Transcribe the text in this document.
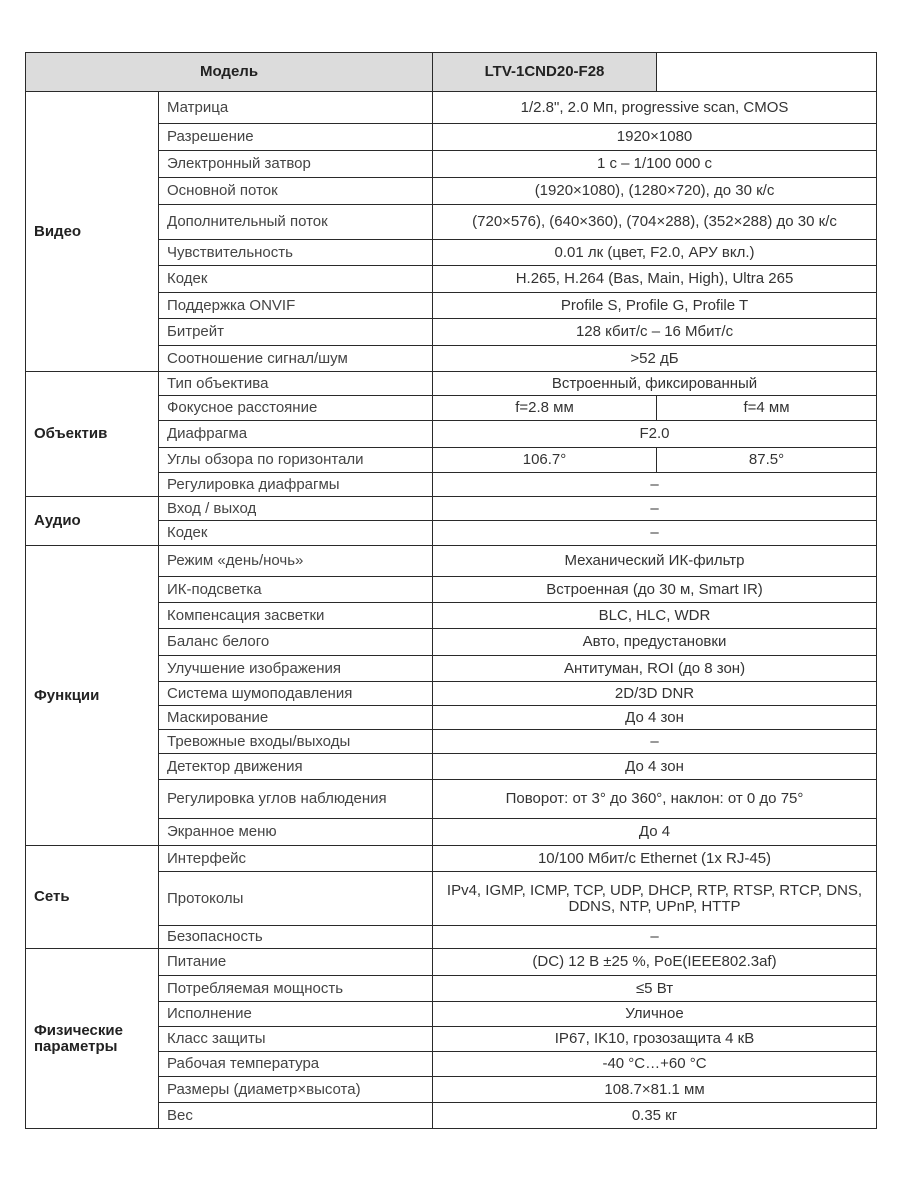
Модель		LTV-1CND20-F28	
Видео	Матрица	1/2.8", 2.0 Мп, progressive scan, CMOS	
	Разрешение	1920×1080	
	Электронный затвор	1 с – 1/100 000 с	
	Основной поток	(1920×1080), (1280×720), до 30 к/с	
	Дополнительный поток	(720×576), (640×360), (704×288), (352×288) до 30 к/с	
	Чувствительность	0.01 лк (цвет, F2.0, АРУ вкл.)	
	Кодек	H.265, H.264 (Bas, Main, High), Ultra 265	
	Поддержка ONVIF	Profile S, Profile G, Profile T	
	Битрейт	128 кбит/с – 16 Мбит/с	
	Соотношение сигнал/шум	>52 дБ	
Объектив	Тип объектива	Встроенный, фиксированный	
	Фокусное расстояние	f=2.8 мм	f=4 мм
	Диафрагма	F2.0	
	Углы обзора по горизонтали	106.7°	87.5°
	Регулировка диафрагмы	–	
Аудио	Вход / выход	–	
	Кодек	–	
Функции	Режим «день/ночь»	Механический ИК-фильтр	
	ИК-подсветка	Встроенная (до 30 м, Smart IR)	
	Компенсация засветки	BLC, HLC, WDR	
	Баланс белого	Авто, предустановки	
	Улучшение изображения	Антитуман, ROI (до 8 зон)	
	Система шумоподавления	2D/3D DNR	
	Маскирование	До 4 зон	
	Тревожные входы/выходы	–	
	Детектор движения	До 4 зон	
	Регулировка углов наблюдения	Поворот: от 3° до 360°, наклон: от 0 до 75°	
	Экранное меню	До 4	
Сеть	Интерфейс	10/100 Мбит/с Ethernet (1x RJ-45)	
	Протоколы	IPv4, IGMP, ICMP, TCP, UDP, DHCP, RTP, RTSP, RTCP, DNS, DDNS, NTP, UPnP, HTTP	
	Безопасность	–	
Физические параметры	Питание	(DC) 12 В ±25 %, PoE(IEEE802.3af)	
	Потребляемая мощность	≤5 Вт	
	Исполнение	Уличное	
	Класс защиты	IP67, IK10, грозозащита 4 кВ	
	Рабочая температура	-40 °C…+60 °C	
	Размеры (диаметр×высота)	108.7×81.1 мм	
	Вес	0.35 кг	
